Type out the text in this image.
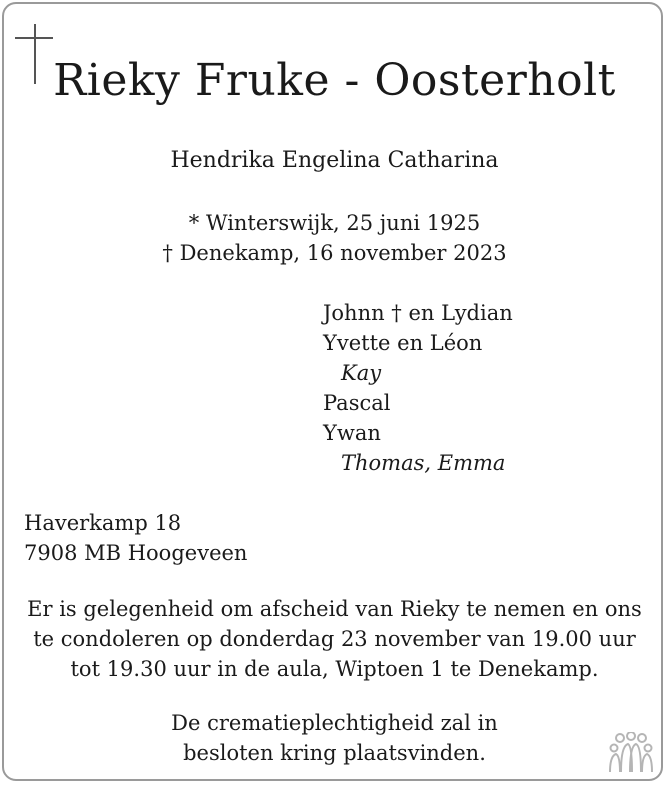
Rieky Fruke - Oosterholt
Hendrika Engelina Catharina
* Winterswijk, 25 juni 1925
† Denekamp, 16 november 2023
Johnn † en Lydian
Yvette en Léon
Kay
Pascal
Ywan
Thomas, Emma
Haverkamp 18
7908 MB Hoogeveen
Er is gelegenheid om afscheid van Rieky te nemen en ons
te condoleren op donderdag 23 november van 19.00 uur
tot 19.30 uur in de aula, Wiptoen 1 te Denekamp.
De crematieplechtigheid zal in
besloten kring plaatsvinden.
